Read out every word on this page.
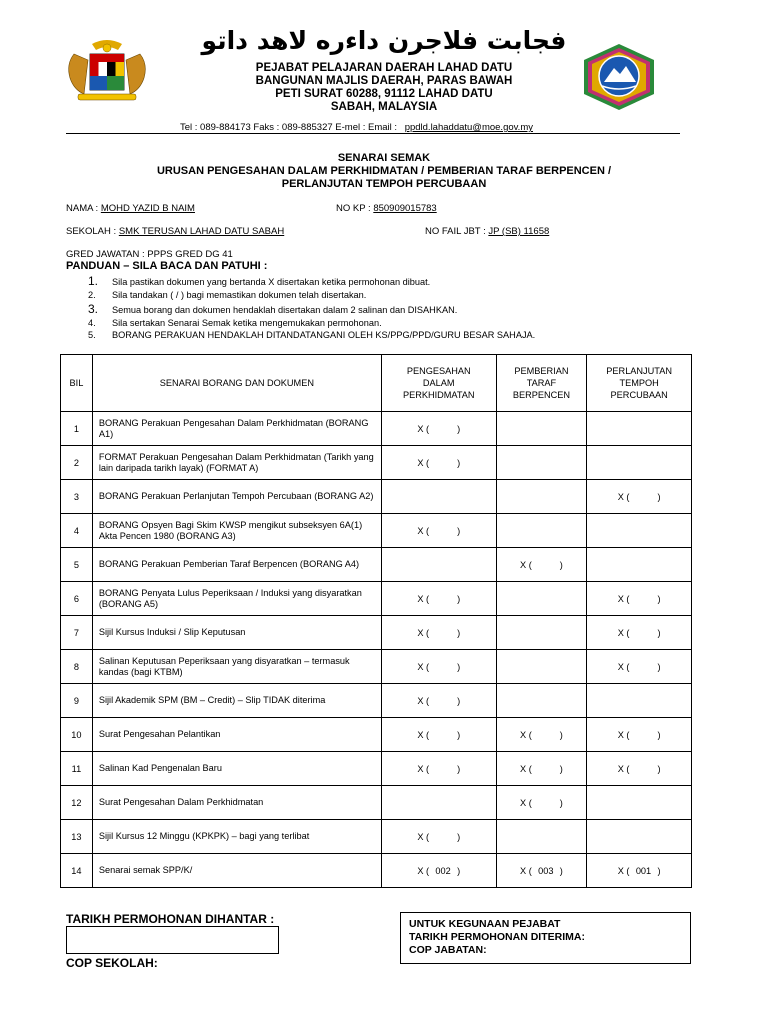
فجابت فلاجرن داءره لاهد داتو
PEJABAT PELAJARAN DAERAH LAHAD DATU
BANGUNAN MAJLIS DAERAH, PARAS BAWAH
PETI SURAT 60288, 91112 LAHAD DATU
SABAH, MALAYSIA
Tel : 089-884173 Faks : 089-885327 E-mel : Email : ppdld.lahaddatu@moe.gov.my
SENARAI SEMAK
URUSAN PENGESAHAN DALAM PERKHIDMATAN / PEMBERIAN TARAF BERPENCEN /
PERLANJUTAN TEMPOH PERCUBAAN
NAMA : MOHD YAZID B NAIM	NO KP : 850909015783
SEKOLAH : SMK TERUSAN LAHAD DATU SABAH	NO FAIL JBT : JP (SB) 11658
GRED JAWATAN : PPPS GRED DG 41
PANDUAN – SILA BACA DAN PATUHI :
1. Sila pastikan dokumen yang bertanda X disertakan ketika permohonan dibuat.
2. Sila tandakan ( / ) bagi memastikan dokumen telah disertakan.
3. Semua borang dan dokumen hendaklah disertakan dalam 2 salinan dan DISAHKAN.
4. Sila sertakan Senarai Semak ketika mengemukakan permohonan.
5. BORANG PERAKUAN HENDAKLAH DITANDATANGANI OLEH KS/PPG/PPD/GURU BESAR SAHAJA.
BIL	SENARAI BORANG DAN DOKUMEN	PENGESAHAN
DALAM
PERKHIDMATAN	PEMBERIAN
TARAF
BERPENCEN	PERLANJUTAN
TEMPOH
PERCUBAAN
1	BORANG Perakuan Pengesahan Dalam Perkhidmatan (BORANG A1)	X ( )		

2	FORMAT Perakuan Pengesahan Dalam Perkhidmatan (Tarikh yang lain daripada tarikh layak) (FORMAT A)	X ( )		

3	BORANG Perakuan Perlanjutan Tempoh Percubaan (BORANG A2)			X ( )

4	BORANG Opsyen Bagi Skim KWSP mengikut subseksyen 6A(1) Akta Pencen 1980 (BORANG A3)	X ( )		

5	BORANG Perakuan Pemberian Taraf Berpencen (BORANG A4)		X ( )	

6	BORANG Penyata Lulus Peperiksaan / Induksi yang disyaratkan (BORANG A5)	X ( )		X ( )

7	Sijil Kursus Induksi / Slip Keputusan	X ( )		X ( )

8	Salinan Keputusan Peperiksaan yang disyaratkan – termasuk kandas (bagi KTBM)	X ( )		X ( )

9	Sijil Akademik SPM (BM – Credit) – Slip TIDAK diterima	X ( )		

10	Surat Pengesahan Pelantikan	X ( )	X ( )	X ( )

11	Salinan Kad Pengenalan Baru	X ( )	X ( )	X ( )

12	Surat Pengesahan Dalam Perkhidmatan		X ( )	

13	Sijil Kursus 12 Minggu (KPKPK) – bagi yang terlibat	X ( )		

14	Senarai semak SPP/K/	X ( 002 )	X ( 003 )	X ( 001 )
TARIKH PERMOHONAN DIHANTAR :
COP SEKOLAH:
UNTUK KEGUNAAN PEJABAT
TARIKH PERMOHONAN DITERIMA:
COP JABATAN:
